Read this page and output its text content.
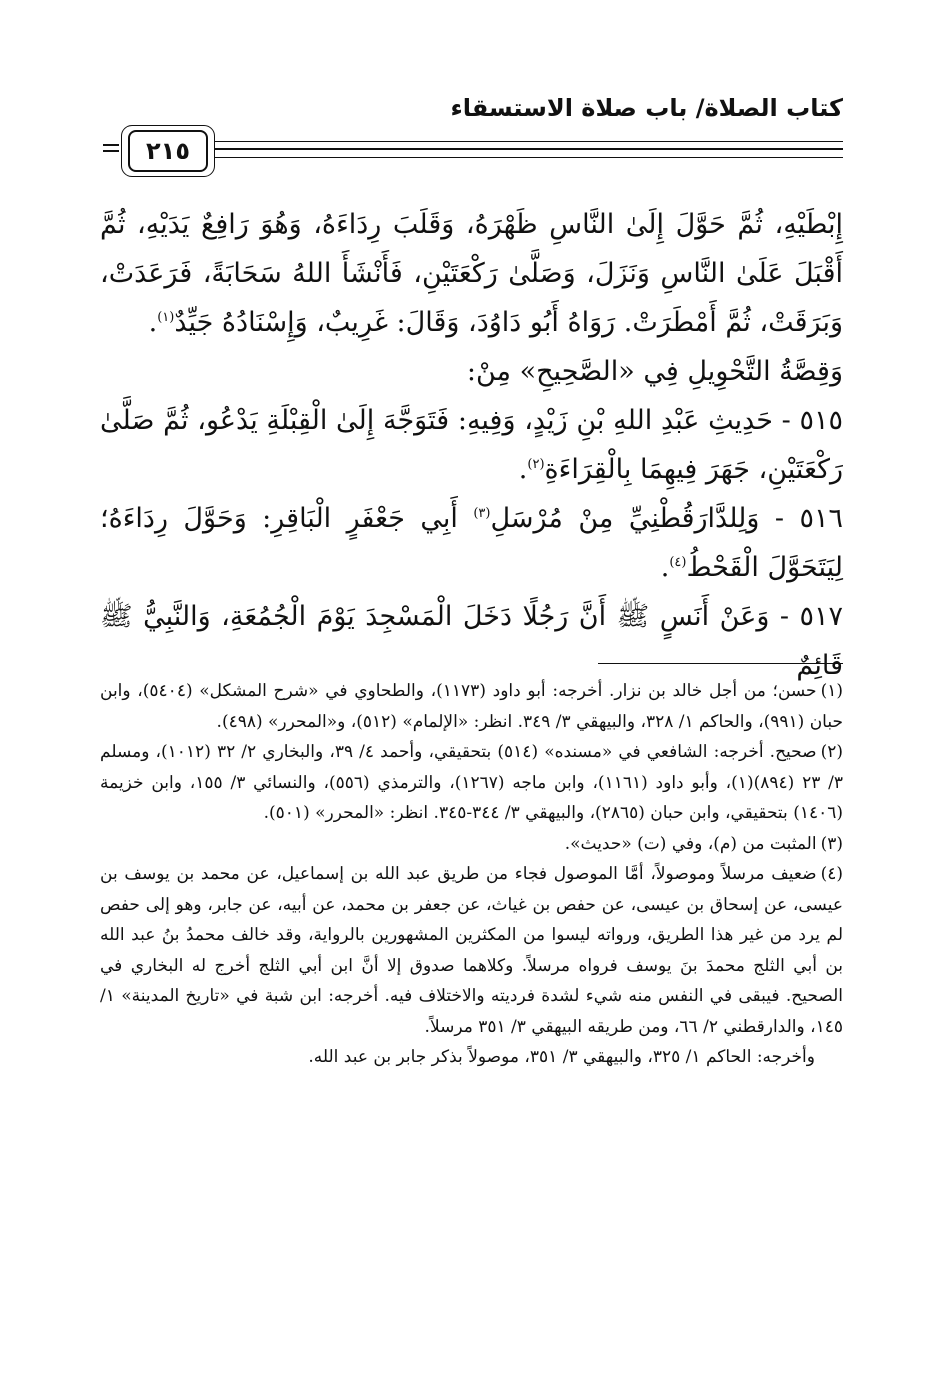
كتاب الصلاة/ باب صلاة الاستسقاء
٢١٥

إِبْطَيْهِ، ثُمَّ حَوَّلَ إِلَىٰ النَّاسِ ظَهْرَهُ، وَقَلَبَ رِدَاءَهُ، وَهُوَ رَافِعٌ يَدَيْهِ، ثُمَّ أَقْبَلَ عَلَىٰ النَّاسِ وَنَزَلَ، وَصَلَّىٰ رَكْعَتَيْنِ، فَأَنْشَأَ اللهُ سَحَابَةً، فَرَعَدَتْ، وَبَرَقَتْ، ثُمَّ أَمْطَرَتْ. رَوَاهُ أَبُو دَاوُدَ، وَقَالَ: غَرِيبٌ، وَإِسْنَادُهُ جَيِّدٌ$^{(١)}$.

وَقِصَّةُ التَّحْوِيلِ فِي «الصَّحِيحِ» مِنْ:

٥١٥ - حَدِيثِ عَبْدِ اللهِ بْنِ زَيْدٍ، وَفِيهِ: فَتَوَجَّهَ إِلَىٰ الْقِبْلَةِ يَدْعُو، ثُمَّ صَلَّىٰ رَكْعَتَيْنِ، جَهَرَ فِيهِمَا بِالْقِرَاءَةِ$^{(٢)}$.

٥١٦ - وَلِلدَّارَقُطْنِيِّ مِنْ مُرْسَلِ$^{(٣)}$ أَبِي جَعْفَرٍ الْبَاقِرِ: وَحَوَّلَ رِدَاءَهُ؛ لِيَتَحَوَّلَ الْقَحْطُ$^{(٤)}$.

٥١٧ - وَعَنْ أَنَسٍ ﷺ أَنَّ رَجُلًا دَخَلَ الْمَسْجِدَ يَوْمَ الْجُمُعَةِ، وَالنَّبِيُّ ﷺ قَائِمٌ

(١)حسن؛ من أجل خالد بن نزار. أخرجه: أبو داود (١١٧٣)، والطحاوي في «شرح المشكل» (٥٤٠٤)، وابن حبان (٩٩١)، والحاكم ١/ ٣٢٨، والبيهقي ٣/ ٣٤٩. انظر: «الإلمام» (٥١٢)، و«المحرر» (٤٩٨).

(٢)صحيح. أخرجه: الشافعي في «مسنده» (٥١٤) بتحقيقي، وأحمد ٤/ ٣٩، والبخاري ٢/ ٣٢ (١٠١٢)، ومسلم ٣/ ٢٣ (٨٩٤)(١)، وأبو داود (١١٦١)، وابن ماجه (١٢٦٧)، والترمذي (٥٥٦)، والنسائي ٣/ ١٥٥، وابن خزيمة (١٤٠٦) بتحقيقي، وابن حبان (٢٨٦٥)، والبيهقي ٣/ ٣٤٤-٣٤٥. انظر: «المحرر» (٥٠١).

(٣)المثبت من (م)، وفي (ت) «حديث».

(٤)ضعيف مرسلاً وموصولاً، أمَّا الموصول فجاء من طريق عبد الله بن إسماعيل، عن محمد بن يوسف بن عيسى، عن إسحاق بن عيسى، عن حفص بن غياث، عن جعفر بن محمد، عن أبيه، عن جابر، وهو إلى حفص لم يرد من غير هذا الطريق، ورواته ليسوا من المكثرين المشهورين بالرواية، وقد خالف محمدُ بنُ عبد الله بن أبي الثلج محمدَ بنَ يوسف فرواه مرسلاً. وكلاهما صدوق إلا أنَّ ابن أبي الثلج أخرج له البخاري في الصحيح. فيبقى في النفس منه شيء لشدة فرديته والاختلاف فيه. أخرجه: ابن شبة في «تاريخ المدينة» ١/ ١٤٥، والدارقطني ٢/ ٦٦، ومن طريقه البيهقي ٣/ ٣٥١ مرسلاً.

وأخرجه: الحاكم ١/ ٣٢٥، والبيهقي ٣/ ٣٥١، موصولاً بذكر جابر بن عبد الله.
